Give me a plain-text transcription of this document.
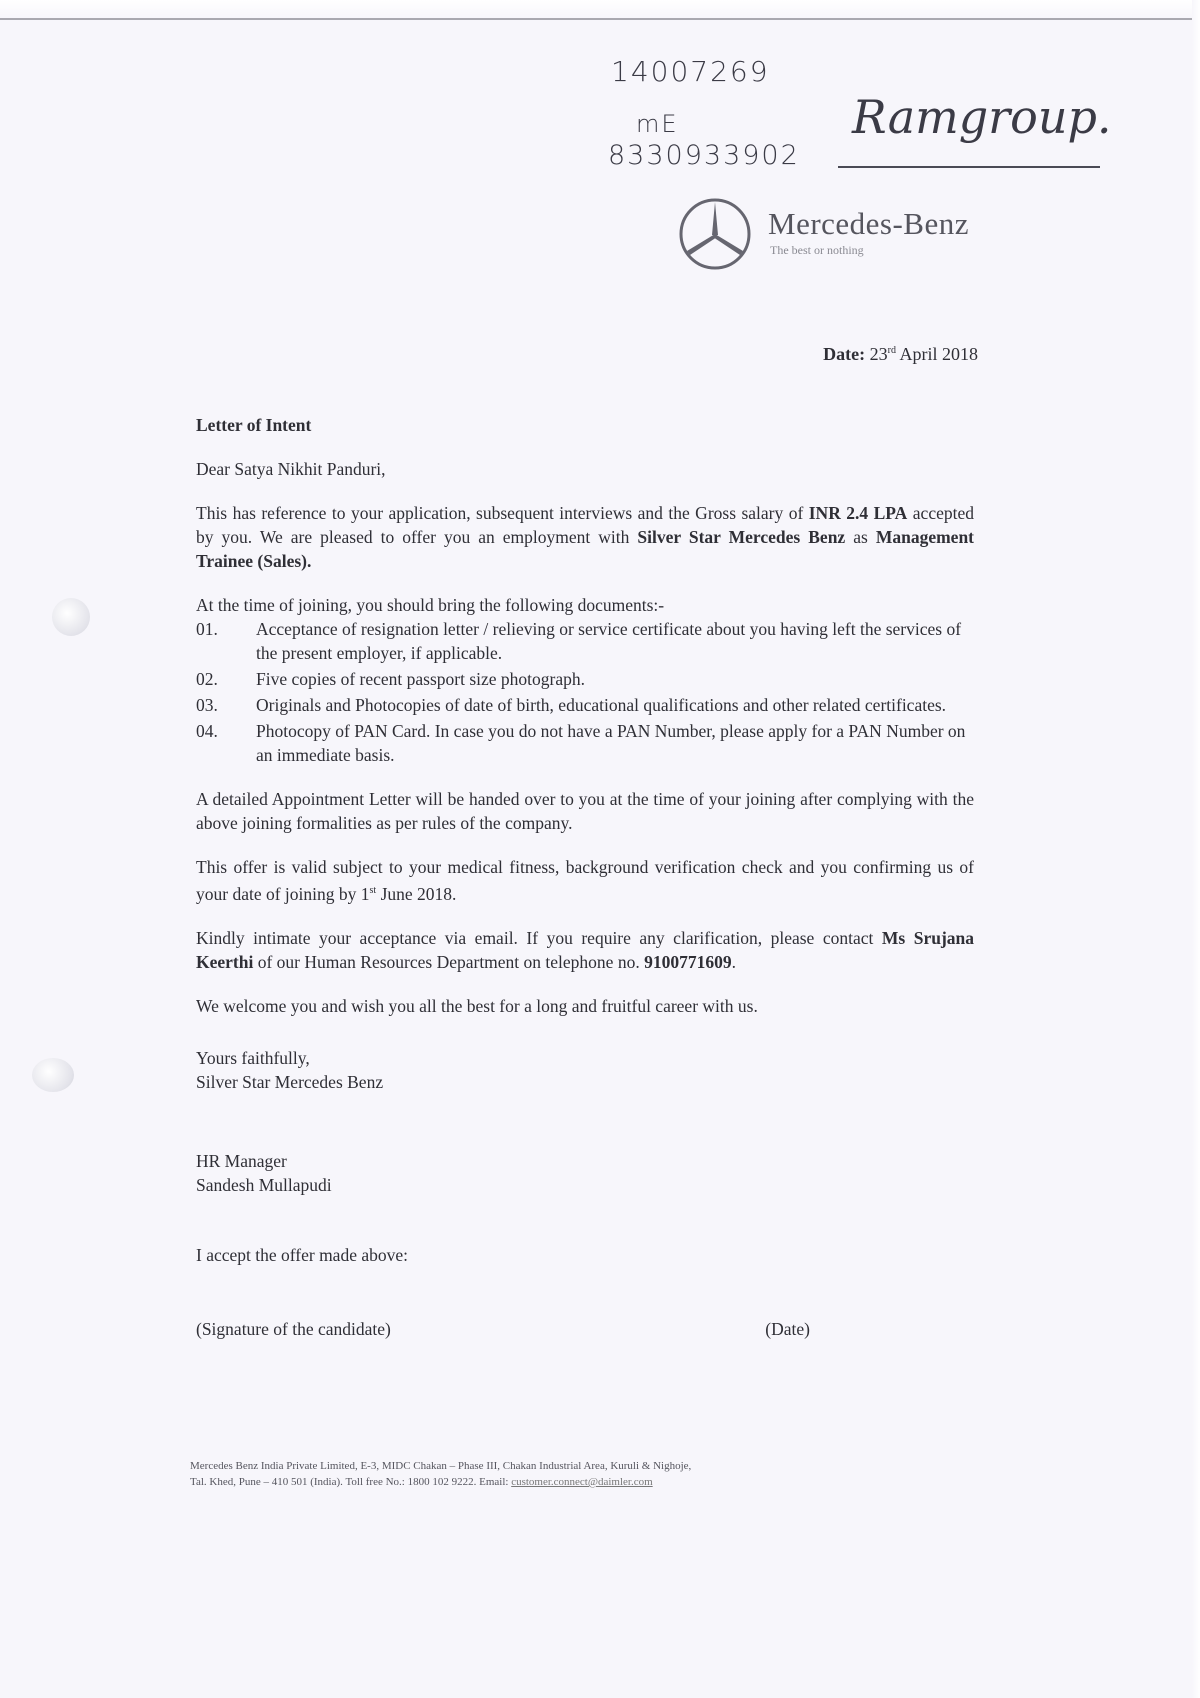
14007269
mE
8330933902
Ramgroup.
Mercedes-Benz
The best or nothing
Date: 23rd April 2018

Letter of Intent

Dear Satya Nikhit Panduri,

This has reference to your application, subsequent interviews and the Gross salary of INR 2.4 LPA accepted by you. We are pleased to offer you an employment with Silver Star Mercedes Benz as Management Trainee (Sales).

At the time of joining, you should bring the following documents:-

01.	Acceptance of resignation letter / relieving or service certificate about you having left the services of the present employer, if applicable.
02.	Five copies of recent passport size photograph.
03.	Originals and Photocopies of date of birth, educational qualifications and other related certificates.
04.	Photocopy of PAN Card. In case you do not have a PAN Number, please apply for a PAN Number on an immediate basis.

A detailed Appointment Letter will be handed over to you at the time of your joining after complying with the above joining formalities as per rules of the company.

This offer is valid subject to your medical fitness, background verification check and you confirming us of your date of joining by 1st June 2018.

Kindly intimate your acceptance via email. If you require any clarification, please contact Ms Srujana Keerthi of our Human Resources Department on telephone no. 9100771609.

We welcome you and wish you all the best for a long and fruitful career with us.

Yours faithfully,
Silver Star Mercedes Benz
HR Manager
Sandesh Mullapudi
I accept the offer made above:
(Signature of the candidate)	(Date)
Mercedes Benz India Private Limited, E-3, MIDC Chakan – Phase III, Chakan Industrial Area, Kuruli & Nighoje,
Tal. Khed, Pune – 410 501 (India). Toll free No.: 1800 102 9222. Email: customer.connect@daimler.com
